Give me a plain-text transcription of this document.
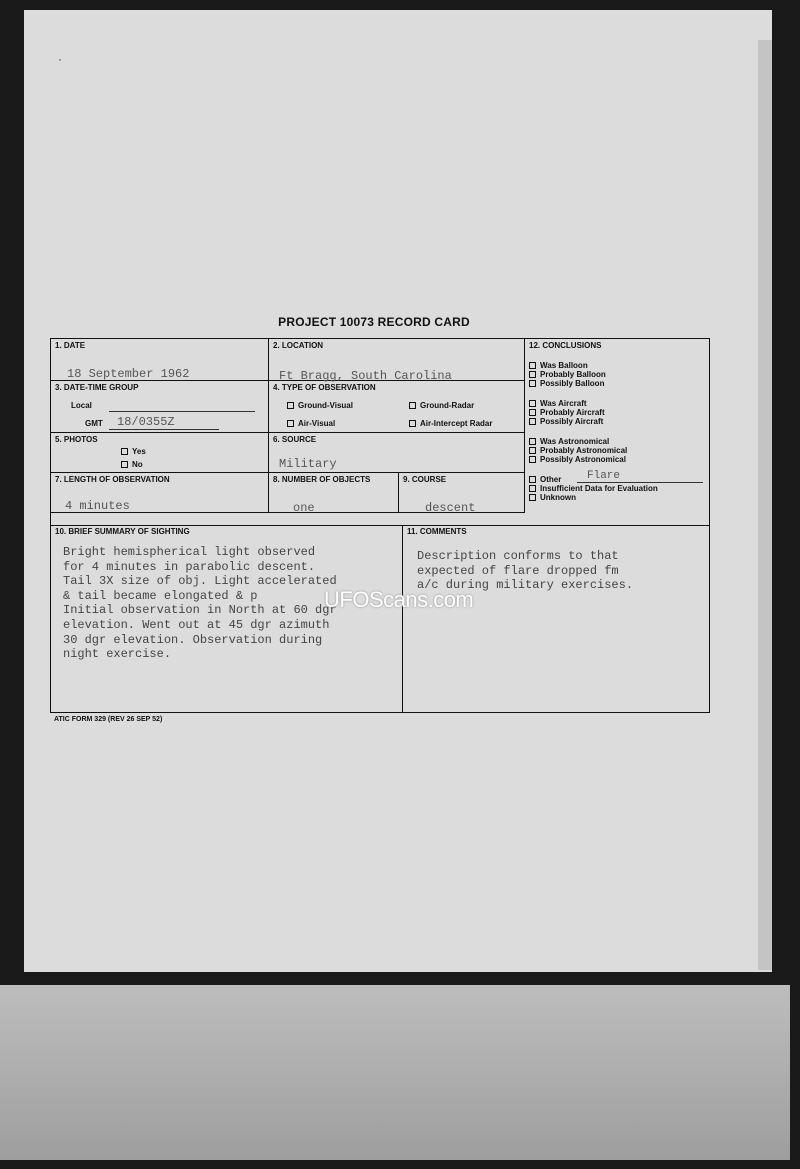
·
PROJECT 10073 RECORD CARD
1. DATE
18 September 1962
2. LOCATION
Ft Bragg, South Carolina
3. DATE-TIME GROUP
Local
GMT 18/0355Z
4. TYPE OF OBSERVATION
Ground-Visual	Ground-Radar
Air-Visual	Air-Intercept Radar
5. PHOTOS
Yes
No
6. SOURCE
Military
7. LENGTH OF OBSERVATION
4 minutes
8. NUMBER OF OBJECTS
one
9. COURSE
descent
12. CONCLUSIONS
Was Balloon
Probably Balloon
Possibly Balloon
Was Aircraft
Probably Aircraft
Possibly Aircraft
Was Astronomical
Probably Astronomical
Possibly Astronomical
Other Flare
Insufficient Data for Evaluation
Unknown
10. BRIEF SUMMARY OF SIGHTING
Bright hemispherical light observed
for 4 minutes in parabolic descent.
Tail 3X size of obj. Light accelerated
& tail became elongated & p
Initial observation in North at 60 dgr
elevation. Went out at 45 dgr azimuth
30 dgr elevation. Observation during
night exercise.
11. COMMENTS
Description conforms to that
expected of flare dropped fm
a/c during military exercises.
UFOScans.com
ATIC FORM 329 (REV 26 SEP 52)
